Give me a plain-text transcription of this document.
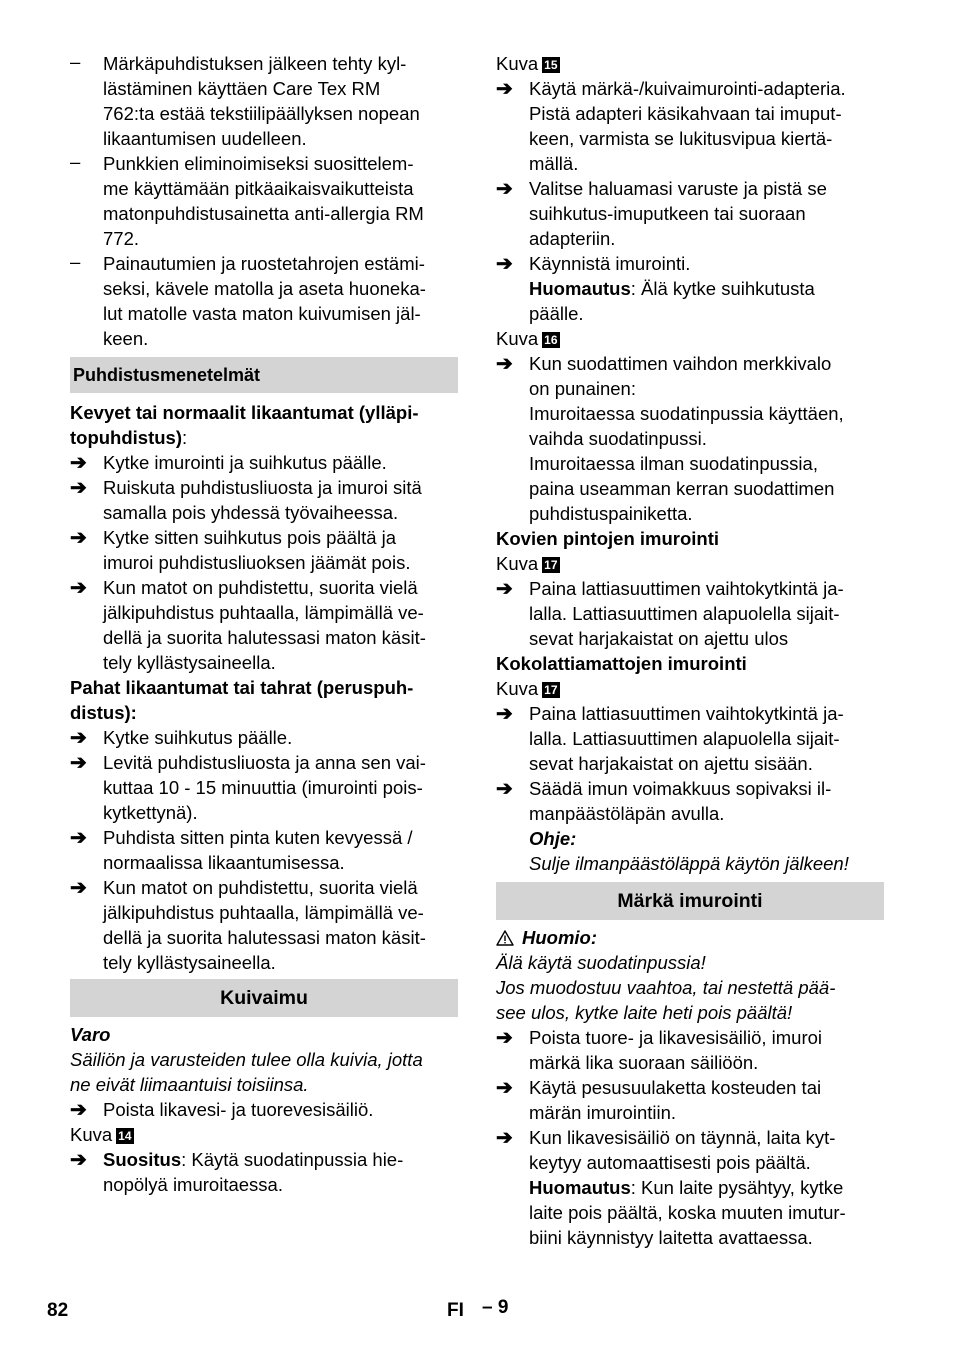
– Märkäpuhdistuksen jälkeen tehty kyl-
lästäminen käyttäen Care Tex RM
762:ta estää tekstiilipäällyksen nopean
likaantumisen uudelleen.
– Punkkien eliminoimiseksi suosittelem-
me käyttämään pitkäaikaisvaikutteista
matonpuhdistusainetta anti-allergia RM
772.
– Painautumien ja ruostetahrojen estämi-
seksi, kävele matolla ja aseta huoneka-
lut matolle vasta maton kuivumisen jäl-
keen.
Puhdistusmenetelmät
Kevyet tai normaalit likaantumat (ylläpi-
topuhdistus):
➔ Kytke imurointi ja suihkutus päälle.
➔ Ruiskuta puhdistusliuosta ja imuroi sitä
samalla pois yhdessä työvaiheessa.
➔ Kytke sitten suihkutus pois päältä ja
imuroi puhdistusliuoksen jäämät pois.
➔ Kun matot on puhdistettu, suorita vielä
jälkipuhdistus puhtaalla, lämpimällä ve-
dellä ja suorita halutessasi maton käsit-
tely kyllästysaineella.
Pahat likaantumat tai tahrat (peruspuh-
distus):
➔ Kytke suihkutus päälle.
➔ Levitä puhdistusliuosta ja anna sen vai-
kuttaa 10 - 15 minuuttia (imurointi pois-
kytkettynä).
➔ Puhdista sitten pinta kuten kevyessä /
normaalissa likaantumisessa.
➔ Kun matot on puhdistettu, suorita vielä
jälkipuhdistus puhtaalla, lämpimällä ve-
dellä ja suorita halutessasi maton käsit-
tely kyllästysaineella.
Kuivaimu
Varo
Säiliön ja varusteiden tulee olla kuivia, jotta
ne eivät liimaantuisi toisiinsa.
➔ Poista likavesi- ja tuorevesisäiliö.
Kuva 14
➔ Suositus: Käytä suodatinpussia hie-
nopölyä imuroitaessa.
Kuva 15
➔ Käytä märkä-/kuivaimurointi-adapteria.
Pistä adapteri käsikahvaan tai imuput-
keen, varmista se lukitusvipua kiertä-
mällä.
➔ Valitse haluamasi varuste ja pistä se
suihkutus-imuputkeen tai suoraan
adapteriin.
➔ Käynnistä imurointi.
Huomautus: Älä kytke suihkutusta
päälle.
Kuva 16
➔ Kun suodattimen vaihdon merkkivalo
on punainen:
Imuroitaessa suodatinpussia käyttäen,
vaihda suodatinpussi.
Imuroitaessa ilman suodatinpussia,
paina useamman kerran suodattimen
puhdistuspainiketta.
Kovien pintojen imurointi
Kuva 17
➔ Paina lattiasuuttimen vaihtokytkintä ja-
lalla. Lattiasuuttimen alapuolella sijait-
sevat harjakaistat on ajettu ulos
Kokolattiamattojen imurointi
Kuva 17
➔ Paina lattiasuuttimen vaihtokytkintä ja-
lalla. Lattiasuuttimen alapuolella sijait-
sevat harjakaistat on ajettu sisään.
➔ Säädä imun voimakkuus sopivaksi il-
manpäästöläpän avulla.
Ohje:
Sulje ilmanpäästöläppä käytön jälkeen!
Märkä imurointi
Huomio:
Älä käytä suodatinpussia!
Jos muodostuu vaahtoa, tai nestettä pää-
see ulos, kytke laite heti pois päältä!
➔ Poista tuore- ja likavesisäiliö, imuroi
märkä lika suoraan säiliöön.
➔ Käytä pesusuulaketta kosteuden tai
märän imurointiin.
➔ Kun likavesisäiliö on täynnä, laita kyt-
keytyy automaattisesti pois päältä.
Huomautus: Kun laite pysähtyy, kytke
laite pois päältä, koska muuten imutur-
biini käynnistyy laitetta avattaessa.
82	FI – 9
